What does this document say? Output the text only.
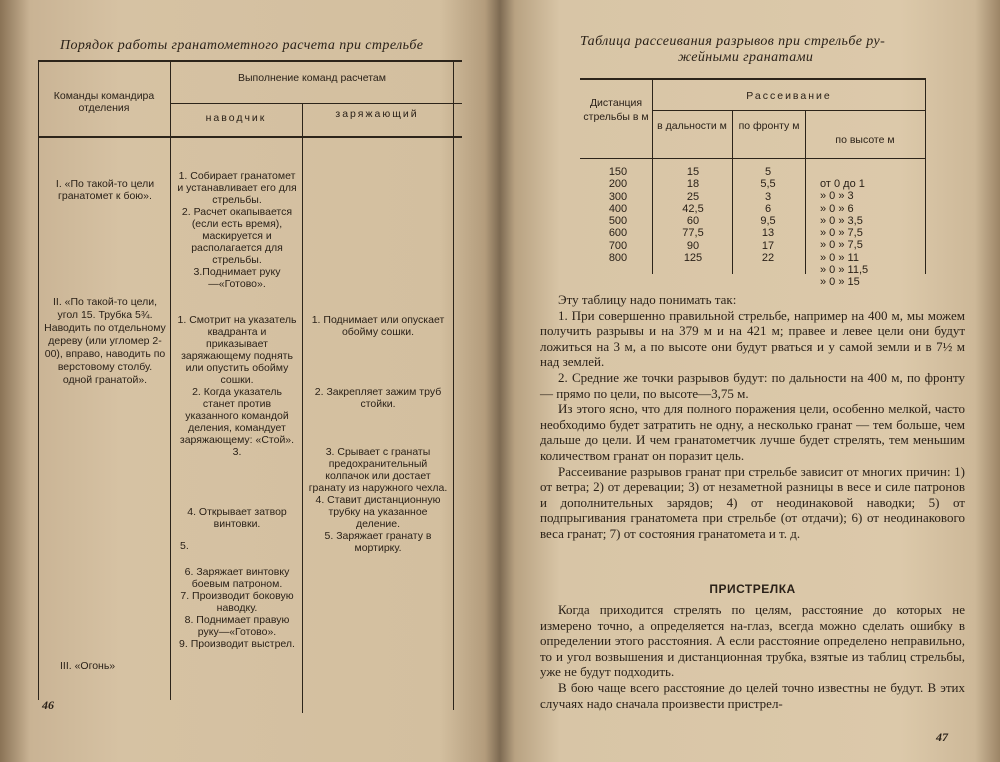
Порядок работы гранатометного расчета при стрельбе
Команды командира отделения
Выполнение команд расчетам
наводчик	заряжающий
I. «По такой-то цели гранатомет к бою».
II. «По такой-то цели, угол 15. Трубка 5¾. Наводить по отдельному дереву (или угломер 2-00), вправо, наводить по верстовому столбу. одной гранатой».
III. «Огонь»
1. Собирает гранатомет и устанавливает его для стрельбы.
2. Расчет окапывается (если есть время), маскируется и располагается для стрельбы.
3.Поднимает руку—«Готово».
1. Смотрит на указатель квадранта и приказывает заряжающему поднять или опустить обойму сошки.
2. Когда указатель станет против указанного командой деления, командует заряжающему: «Стой».
3.
4. Открывает затвор винтовки.
5.
6. Заряжает винтовку боевым патроном.
7. Производит боковую наводку.
8. Поднимает правую руку—«Готово».
9. Производит выстрел.
1. Поднимает или опускает обойму сошки.
2. Закрепляет зажим труб стойки.
3. Срывает с гранаты предохранительный колпачок или достает гранату из наружного чехла.
4. Ставит дистанционную трубку на указанное деление.
5. Заряжает гранату в мортирку.
46
Таблица рассеивания разрывов при стрельбе ру-
жейными гранатами
Дистанция стрельбы в м
Рассеивание
в дальности м	по фронту м
по высоте м
150
200
300
400
500
600
700
800
15
18
25
42,5
60
77,5
90
125
5
5,5
3
6
9,5
13
17
22
от 0 до 1
» 0 » 3
» 0 » 6
» 0 » 3,5
» 0 » 7,5
» 0 » 7,5
» 0 » 11
» 0 » 11,5
» 0 » 15

Эту таблицу надо понимать так:

1. При совершенно правильной стрельбе, например на 400 м, мы можем получить разрывы и на 379 м и на 421 м; правее и левее цели они будут ложиться на 3 м, а по высоте они будут рваться и у самой земли и в 7½ м над землей.

2. Средние же точки разрывов будут: по дальности на 400 м, по фронту — прямо по цели, по высоте—3,75 м.

Из этого ясно, что для полного поражения цели, особенно мелкой, часто необходимо будет затратить не одну, а несколько гранат — тем больше, чем дальше до цели. И чем гранатометчик лучше будет стрелять, тем меньшим количеством гранат он поразит цель.

Рассеивание разрывов гранат при стрельбе зависит от многих причин: 1) от ветра; 2) от деревации; 3) от незаметной разницы в весе и силе патронов и дополнительных зарядов; 4) от неодинаковой наводки; 5) от подпрыгивания гранатомета при стрельбе (от отдачи); 6) от неодинакового веса гранат; 7) от состояния гранатомета и т. д.

ПРИСТРЕЛКА

Когда приходится стрелять по целям, расстояние до которых не измерено точно, а определяется на-глаз, всегда можно сделать ошибку в определении этого расстояния. А если расстояние определено неправильно, то и угол возвышения и дистанционная трубка, взятые из таблиц стрельбы, уже не будут подходить.

В бою чаще всего расстояние до целей точно известны не будут. В этих случаях надо сначала произвести пристрел-

47
